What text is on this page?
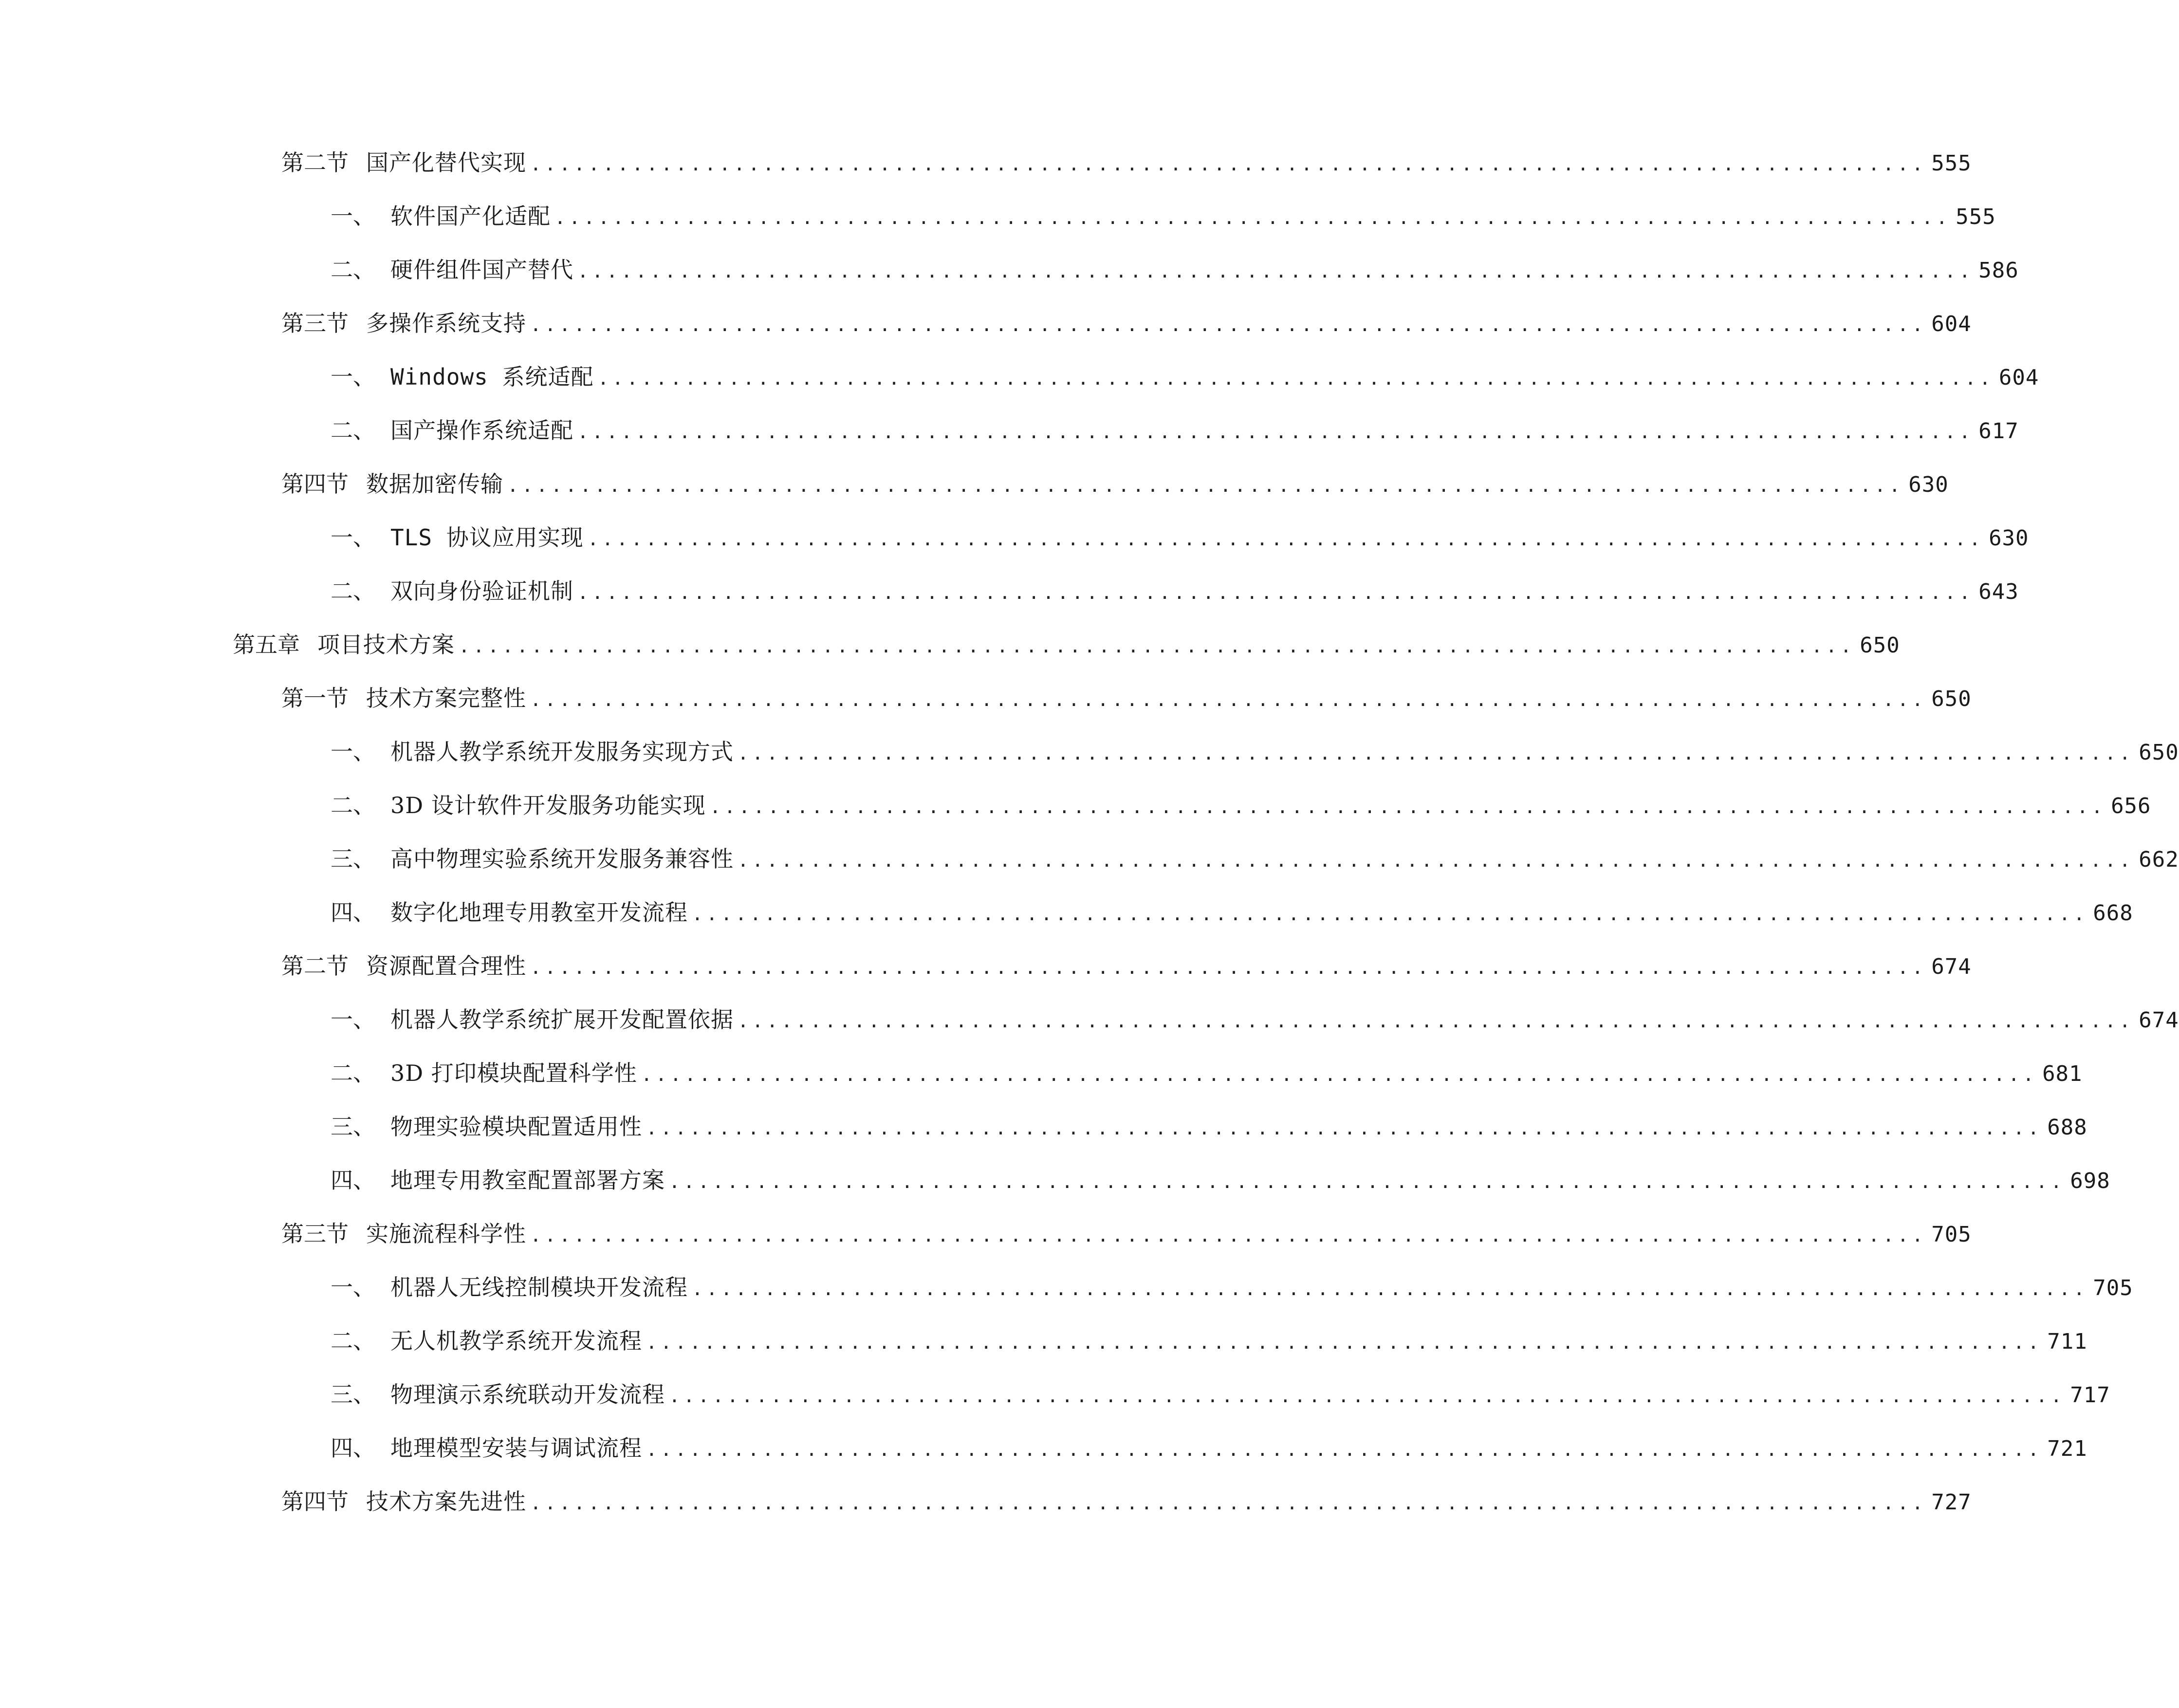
第二节 国产化替代实现 ................................................................................................ 555
一、 软件国产化适配 ................................................................................................ 555
二、 硬件组件国产替代 ................................................................................................ 586
第三节 多操作系统支持 ................................................................................................ 604
一、 Windows 系统适配 ................................................................................................ 604
二、 国产操作系统适配 ................................................................................................ 617
第四节 数据加密传输 ................................................................................................ 630
一、 TLS 协议应用实现 ................................................................................................ 630
二、 双向身份验证机制 ................................................................................................ 643
第五章 项目技术方案 ................................................................................................ 650
第一节 技术方案完整性 ................................................................................................ 650
一、 机器人教学系统开发服务实现方式 ................................................................................................ 650
二、 3D 设计软件开发服务功能实现 ................................................................................................ 656
三、 高中物理实验系统开发服务兼容性 ................................................................................................ 662
四、 数字化地理专用教室开发流程 ................................................................................................ 668
第二节 资源配置合理性 ................................................................................................ 674
一、 机器人教学系统扩展开发配置依据 ................................................................................................ 674
二、 3D 打印模块配置科学性 ................................................................................................ 681
三、 物理实验模块配置适用性 ................................................................................................ 688
四、 地理专用教室配置部署方案 ................................................................................................ 698
第三节 实施流程科学性 ................................................................................................ 705
一、 机器人无线控制模块开发流程 ................................................................................................ 705
二、 无人机教学系统开发流程 ................................................................................................ 711
三、 物理演示系统联动开发流程 ................................................................................................ 717
四、 地理模型安装与调试流程 ................................................................................................ 721
第四节 技术方案先进性 ................................................................................................ 727
